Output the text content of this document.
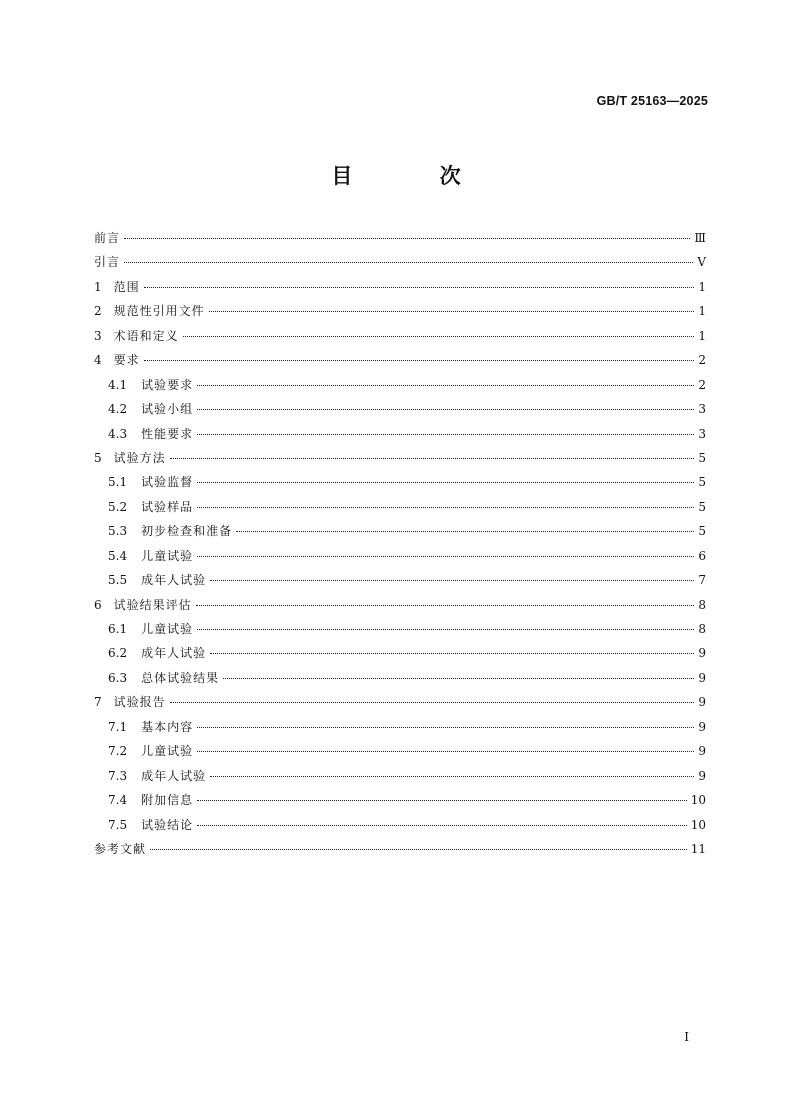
GB/T 25163—2025
目 次
前言	Ⅲ
引言	Ⅴ
1 范围	1
2 规范性引用文件	1
3 术语和定义	1
4 要求	2
4.1 试验要求	2
4.2 试验小组	3
4.3 性能要求	3
5 试验方法	5
5.1 试验监督	5
5.2 试验样品	5
5.3 初步检查和准备	5
5.4 儿童试验	6
5.5 成年人试验	7
6 试验结果评估	8
6.1 儿童试验	8
6.2 成年人试验	9
6.3 总体试验结果	9
7 试验报告	9
7.1 基本内容	9
7.2 儿童试验	9
7.3 成年人试验	9
7.4 附加信息	10
7.5 试验结论	10
参考文献	11
Ⅰ
